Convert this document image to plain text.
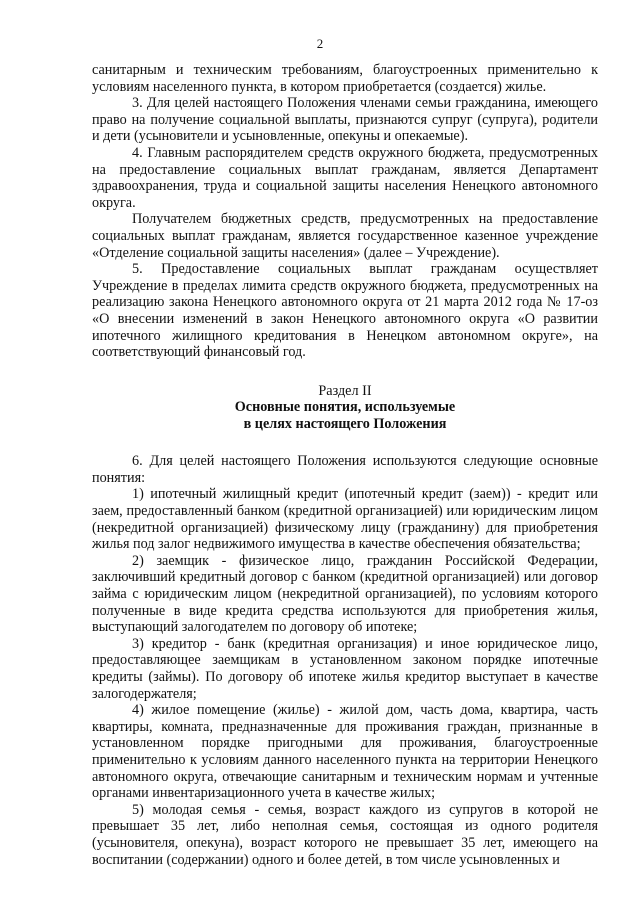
2

санитарным и техническим требованиям, благоустроенных применительно к условиям населенного пункта, в котором приобретается (создается) жилье.

3. Для целей настоящего Положения членами семьи гражданина, имеющего право на получение социальной выплаты, признаются супруг (супруга), родители и дети (усыновители и усыновленные, опекуны и опекаемые).

4. Главным распорядителем средств окружного бюджета, предусмотренных на предоставление социальных выплат гражданам, является Департамент здравоохранения, труда и социальной защиты населения Ненецкого автономного округа.

Получателем бюджетных средств, предусмотренных на предоставление социальных выплат гражданам, является государственное казенное учреждение «Отделение социальной защиты населения» (далее – Учреждение).

5. Предоставление социальных выплат гражданам осуществляет Учреждение в пределах лимита средств окружного бюджета, предусмотренных на реализацию закона Ненецкого автономного округа от 21 марта 2012 года № 17-оз «О внесении изменений в закон Ненецкого автономного округа «О развитии ипотечного жилищного кредитования в Ненецком автономном округе», на соответствующий финансовый год.

Раздел II
Основные понятия, используемые
в целях настоящего Положения

6. Для целей настоящего Положения используются следующие основные понятия:

1) ипотечный жилищный кредит (ипотечный кредит (заем)) - кредит или заем, предоставленный банком (кредитной организацией) или юридическим лицом (некредитной организацией) физическому лицу (гражданину) для приобретения жилья под залог недвижимого имущества в качестве обеспечения обязательства;

2) заемщик - физическое лицо, гражданин Российской Федерации, заключивший кредитный договор с банком (кредитной организацией) или договор займа с юридическим лицом (некредитной организацией), по условиям которого полученные в виде кредита средства используются для приобретения жилья, выступающий залогодателем по договору об ипотеке;

3) кредитор - банк (кредитная организация) и иное юридическое лицо, предоставляющее заемщикам в установленном законом порядке ипотечные кредиты (займы). По договору об ипотеке жилья кредитор выступает в качестве залогодержателя;

4) жилое помещение (жилье) - жилой дом, часть дома, квартира, часть квартиры, комната, предназначенные для проживания граждан, признанные в установленном порядке пригодными для проживания, благоустроенные применительно к условиям данного населенного пункта на территории Ненецкого автономного округа, отвечающие санитарным и техническим нормам и учтенные органами инвентаризационного учета в качестве жилых;

5) молодая семья - семья, возраст каждого из супругов в которой не превышает 35 лет, либо неполная семья, состоящая из одного родителя (усыновителя, опекуна), возраст которого не превышает 35 лет, имеющего на воспитании (содержании) одного и более детей, в том числе усыновленных и
